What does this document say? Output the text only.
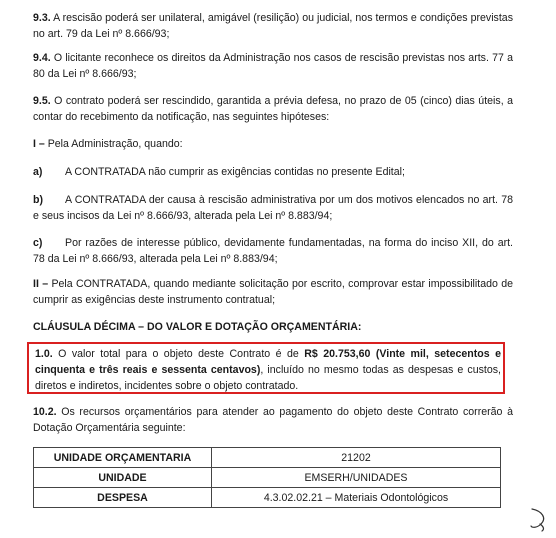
9.3. A rescisão poderá ser unilateral, amigável (resilição) ou judicial, nos termos e condições previstas no art. 79 da Lei nº 8.666/93;

9.4. O licitante reconhece os direitos da Administração nos casos de rescisão previstas nos arts. 77 a 80 da Lei nº 8.666/93;

9.5. O contrato poderá ser rescindido, garantida a prévia defesa, no prazo de 05 (cinco) dias úteis, a contar do recebimento da notificação, nas seguintes hipóteses:

I – Pela Administração, quando:

a) A CONTRATADA não cumprir as exigências contidas no presente Edital;

b) A CONTRATADA der causa à rescisão administrativa por um dos motivos elencados no art. 78 e seus incisos da Lei nº 8.666/93, alterada pela Lei nº 8.883/94;

c) Por razões de interesse público, devidamente fundamentadas, na forma do inciso XII, do art. 78 da Lei nº 8.666/93, alterada pela Lei nº 8.883/94;

II – Pela CONTRATADA, quando mediante solicitação por escrito, comprovar estar impossibilitado de cumprir as exigências deste instrumento contratual;

CLÁUSULA DÉCIMA – DO VALOR E DOTAÇÃO ORÇAMENTÁRIA:

1.0. O valor total para o objeto deste Contrato é de R$ 20.753,60 (Vinte mil, setecentos e cinquenta e três reais e sessenta centavos), incluído no mesmo todas as despesas e custos, diretos e indiretos, incidentes sobre o objeto contratado.

10.2. Os recursos orçamentários para atender ao pagamento do objeto deste Contrato correrão à Dotação Orçamentária seguinte:

UNIDADE ORÇAMENTARIA	21202
UNIDADE	EMSERH/UNIDADES
DESPESA	4.3.02.02.21 – Materiais Odontológicos
